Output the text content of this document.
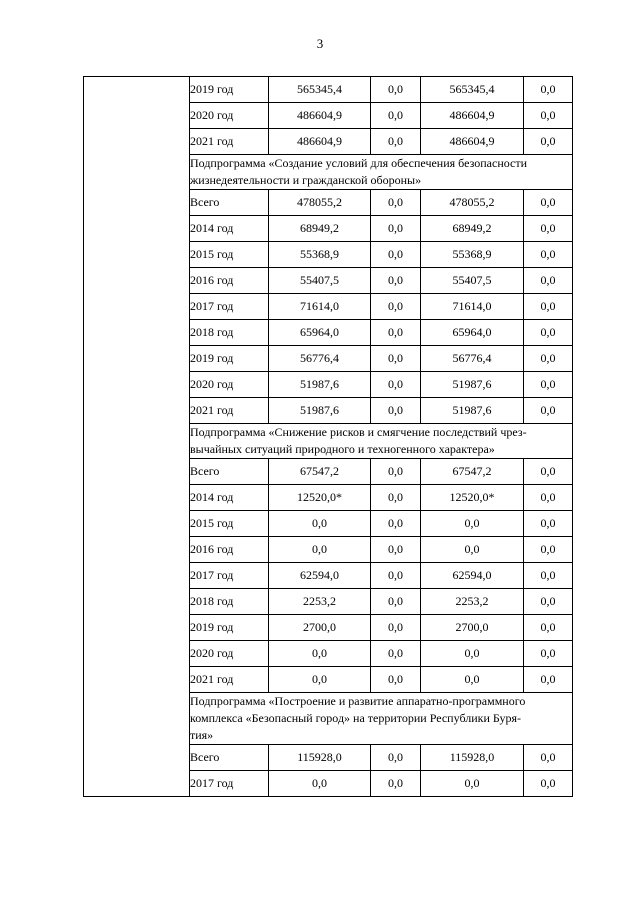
3
	2019 год	565345,4	0,0	565345,4	0,0
	2020 год	486604,9	0,0	486604,9	0,0
	2021 год	486604,9	0,0	486604,9	0,0

	Подпрограмма «Создание условий для обеспечения безопасности
жизнедеятельности и гражданской обороны»				

	Всего	478055,2	0,0	478055,2	0,0
	2014 год	68949,2	0,0	68949,2	0,0
	2015 год	55368,9	0,0	55368,9	0,0
	2016 год	55407,5	0,0	55407,5	0,0
	2017 год	71614,0	0,0	71614,0	0,0
	2018 год	65964,0	0,0	65964,0	0,0
	2019 год	56776,4	0,0	56776,4	0,0
	2020 год	51987,6	0,0	51987,6	0,0
	2021 год	51987,6	0,0	51987,6	0,0

	Подпрограмма «Снижение рисков и смягчение последствий чрез-
вычайных ситуаций природного и техногенного характера»				

	Всего	67547,2	0,0	67547,2	0,0
	2014 год	12520,0*	0,0	12520,0*	0,0
	2015 год	0,0	0,0	0,0	0,0
	2016 год	0,0	0,0	0,0	0,0
	2017 год	62594,0	0,0	62594,0	0,0
	2018 год	2253,2	0,0	2253,2	0,0
	2019 год	2700,0	0,0	2700,0	0,0
	2020 год	0,0	0,0	0,0	0,0
	2021 год	0,0	0,0	0,0	0,0

	Подпрограмма «Построение и развитие аппаратно-программного
комплекса «Безопасный город» на территории Республики Буря-
тия»				

	Всего	115928,0	0,0	115928,0	0,0
	2017 год	0,0	0,0	0,0	0,0
